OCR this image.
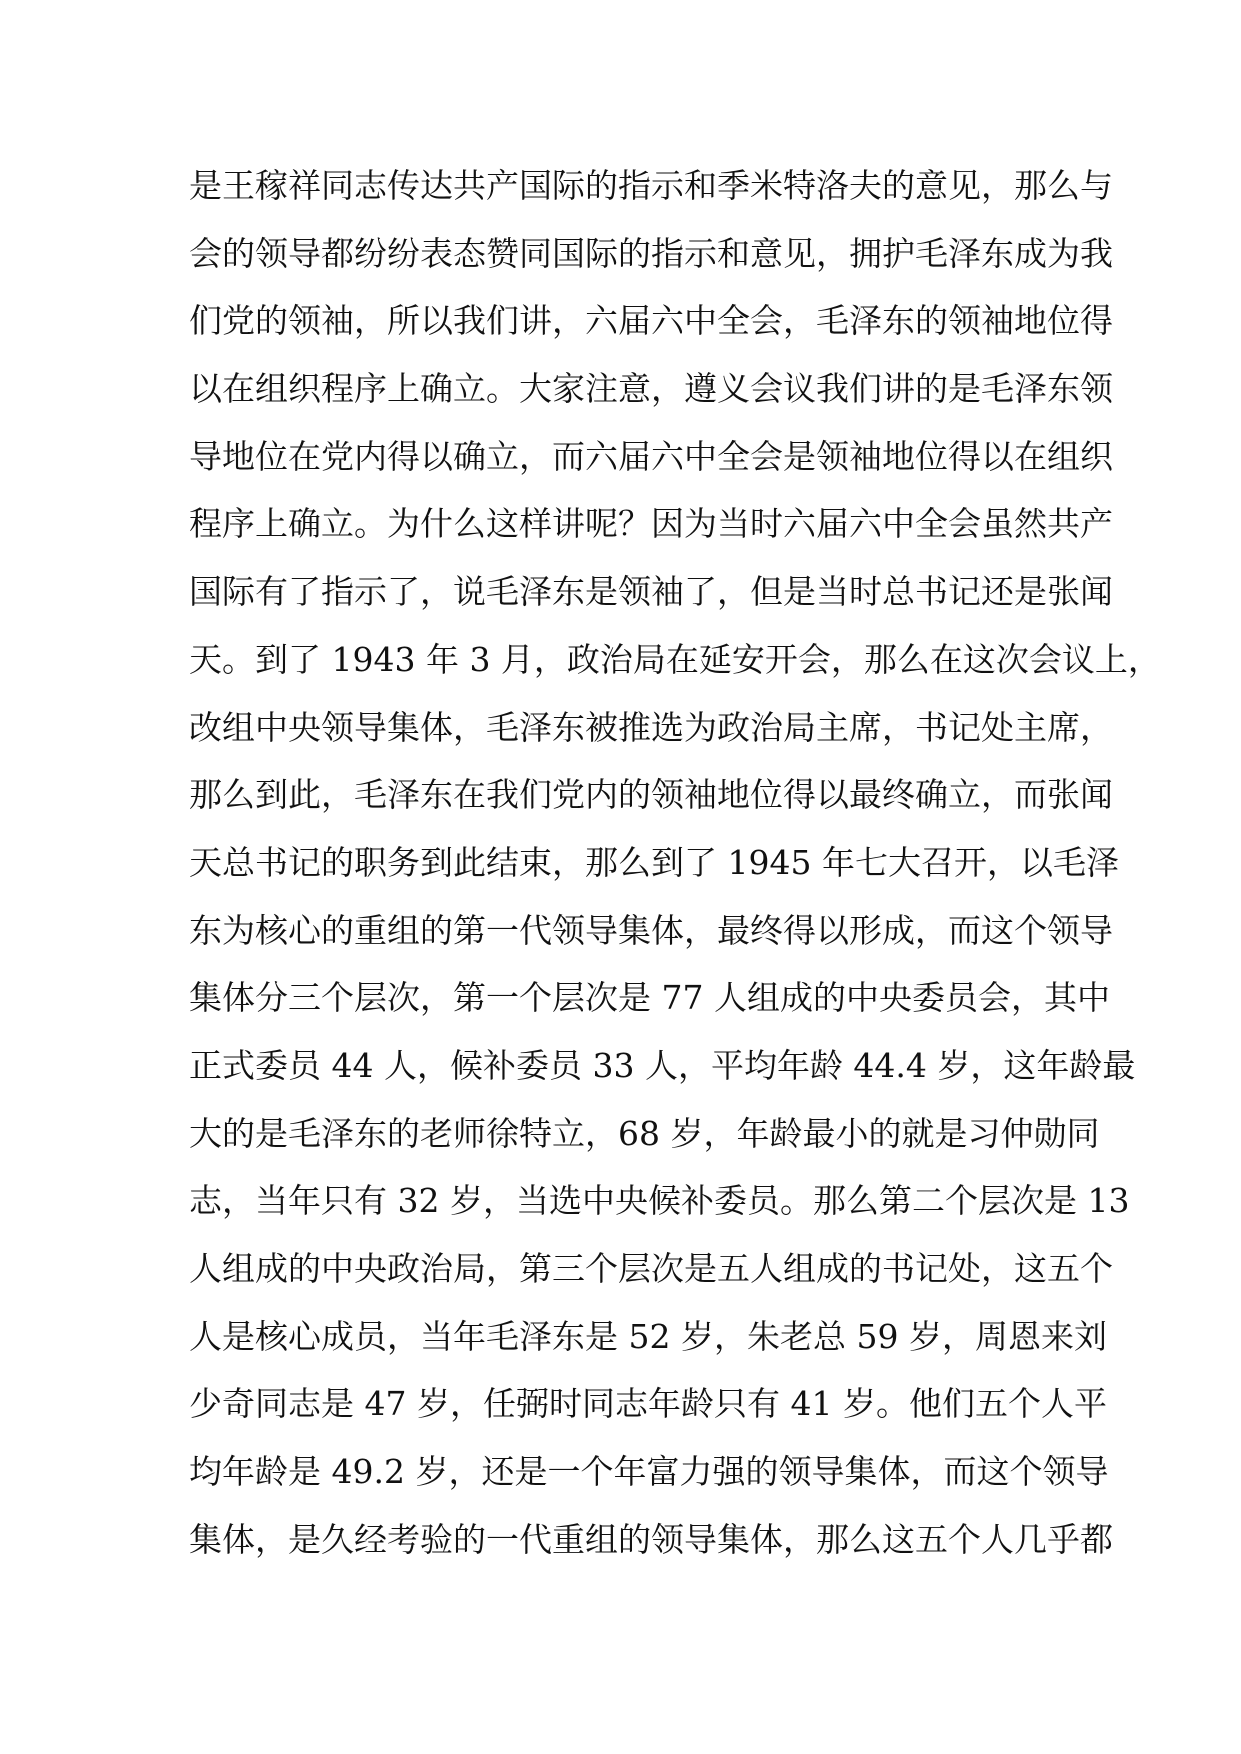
是王稼祥同志传达共产国际的指示和季米特洛夫的意见，那么与
会的领导都纷纷表态赞同国际的指示和意见，拥护毛泽东成为我
们党的领袖，所以我们讲，六届六中全会，毛泽东的领袖地位得
以在组织程序上确立。大家注意，遵义会议我们讲的是毛泽东领
导地位在党内得以确立，而六届六中全会是领袖地位得以在组织
程序上确立。为什么这样讲呢？因为当时六届六中全会虽然共产
国际有了指示了，说毛泽东是领袖了，但是当时总书记还是张闻
天。到了 1943 年 3 月，政治局在延安开会，那么在这次会议上，
改组中央领导集体，毛泽东被推选为政治局主席，书记处主席，
那么到此，毛泽东在我们党内的领袖地位得以最终确立，而张闻
天总书记的职务到此结束，那么到了 1945 年七大召开，以毛泽
东为核心的重组的第一代领导集体，最终得以形成，而这个领导
集体分三个层次，第一个层次是 77 人组成的中央委员会，其中
正式委员 44 人，候补委员 33 人，平均年龄 44.4 岁，这年龄最
大的是毛泽东的老师徐特立，68 岁，年龄最小的就是习仲勋同
志，当年只有 32 岁，当选中央候补委员。那么第二个层次是 13
人组成的中央政治局，第三个层次是五人组成的书记处，这五个
人是核心成员，当年毛泽东是 52 岁，朱老总 59 岁，周恩来刘
少奇同志是 47 岁，任弼时同志年龄只有 41 岁。他们五个人平
均年龄是 49.2 岁，还是一个年富力强的领导集体，而这个领导
集体，是久经考验的一代重组的领导集体，那么这五个人几乎都
